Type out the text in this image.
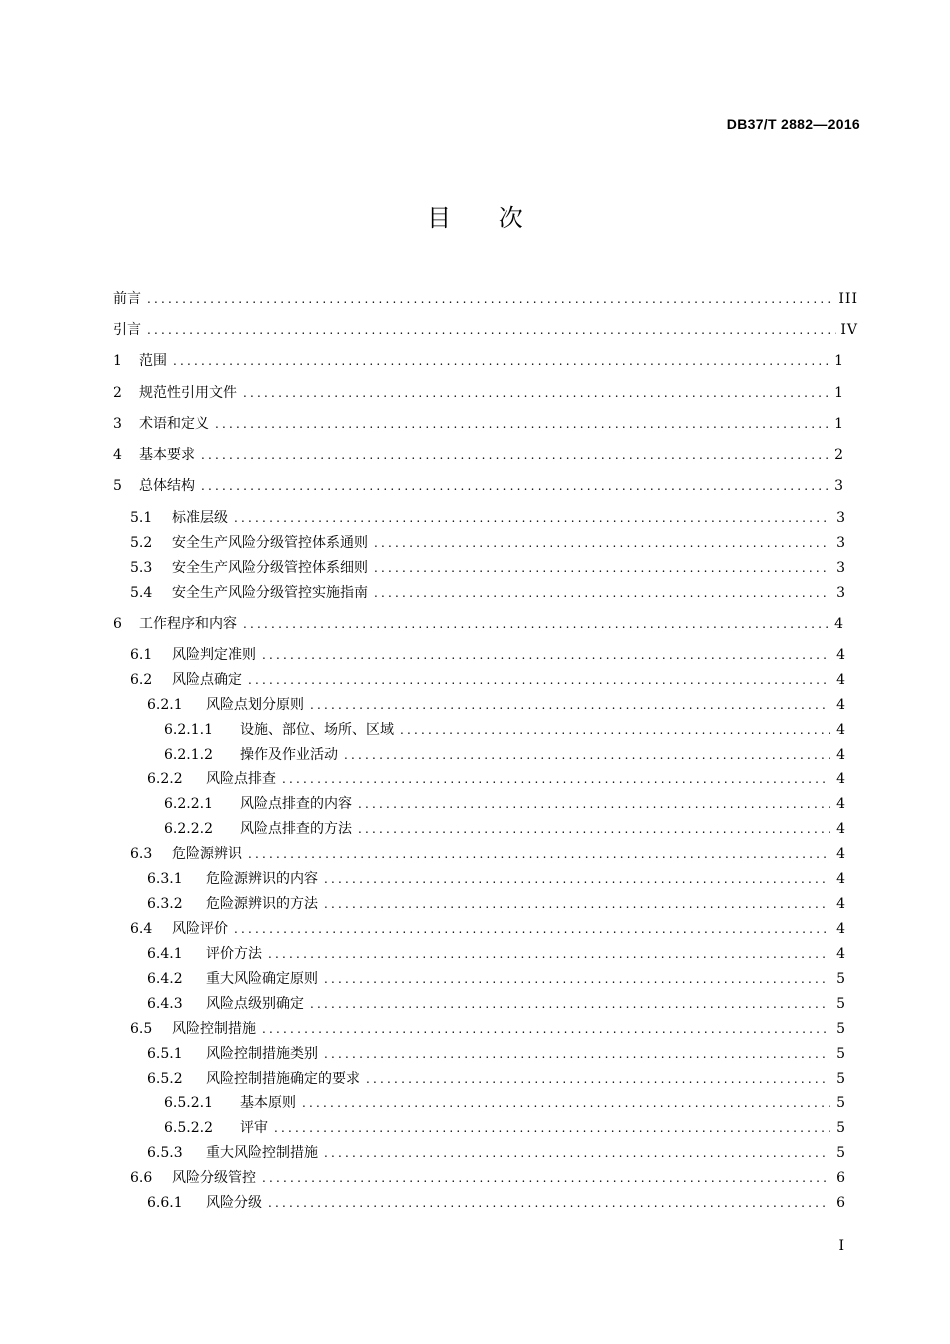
DB37/T 2882—2016
目 次
前言 .....	III
引言 .....	IV
1	范围 .....	1
2	规范性引用文件 .....	1
3	术语和定义 .....	1
4	基本要求 .....	2
5	总体结构 .....	3
5.1	标准层级 .....	3
5.2	安全生产风险分级管控体系通则 .....	3
5.3	安全生产风险分级管控体系细则 .....	3
5.4	安全生产风险分级管控实施指南 .....	3
6	工作程序和内容 .....	4
6.1	风险判定准则 .....	4
6.2	风险点确定 .....	4
6.2.1	风险点划分原则 .....	4
6.2.1.1	设施、部位、场所、区域 .....	4
6.2.1.2	操作及作业活动 .....	4
6.2.2	风险点排查 .....	4
6.2.2.1	风险点排查的内容 .....	4
6.2.2.2	风险点排查的方法 .....	4
6.3	危险源辨识 .....	4
6.3.1	危险源辨识的内容 .....	4
6.3.2	危险源辨识的方法 .....	4
6.4	风险评价 .....	4
6.4.1	评价方法 .....	4
6.4.2	重大风险确定原则 .....	5
6.4.3	风险点级别确定 .....	5
6.5	风险控制措施 .....	5
6.5.1	风险控制措施类别 .....	5
6.5.2	风险控制措施确定的要求 .....	5
6.5.2.1	基本原则 .....	5
6.5.2.2	评审 .....	5
6.5.3	重大风险控制措施 .....	5
6.6	风险分级管控 .....	6
6.6.1	风险分级 .....	6
I
